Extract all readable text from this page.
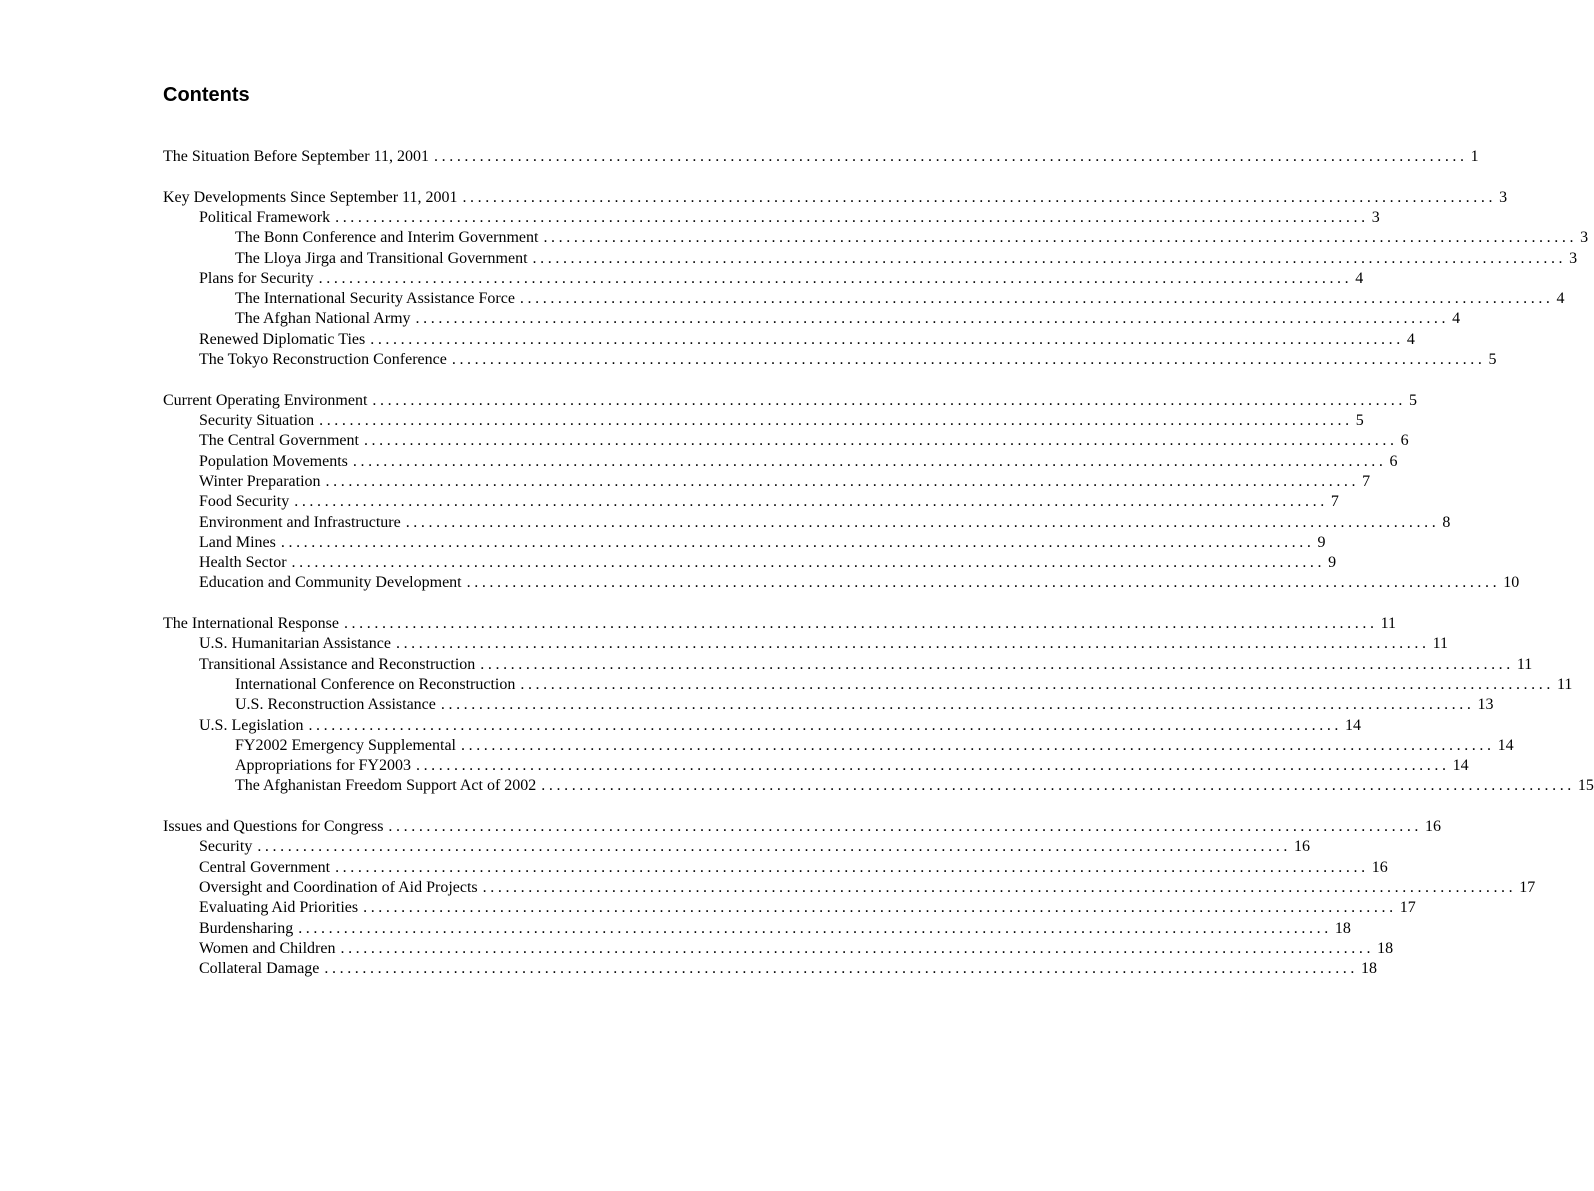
Contents
The Situation Before September 11, 2001 ........................................................................................................................................ 1
Key Developments Since September 11, 2001 ........................................................................................................................................ 3
Political Framework ........................................................................................................................................ 3
The Bonn Conference and Interim Government ........................................................................................................................................ 3
The Lloya Jirga and Transitional Government ........................................................................................................................................ 3
Plans for Security ........................................................................................................................................ 4
The International Security Assistance Force ........................................................................................................................................ 4
The Afghan National Army ........................................................................................................................................ 4
Renewed Diplomatic Ties ........................................................................................................................................ 4
The Tokyo Reconstruction Conference ........................................................................................................................................ 5
Current Operating Environment ........................................................................................................................................ 5
Security Situation ........................................................................................................................................ 5
The Central Government ........................................................................................................................................ 6
Population Movements ........................................................................................................................................ 6
Winter Preparation ........................................................................................................................................ 7
Food Security ........................................................................................................................................ 7
Environment and Infrastructure ........................................................................................................................................ 8
Land Mines ........................................................................................................................................ 9
Health Sector ........................................................................................................................................ 9
Education and Community Development ........................................................................................................................................ 10
The International Response ........................................................................................................................................ 11
U.S. Humanitarian Assistance ........................................................................................................................................ 11
Transitional Assistance and Reconstruction ........................................................................................................................................ 11
International Conference on Reconstruction ........................................................................................................................................ 11
U.S. Reconstruction Assistance ........................................................................................................................................ 13
U.S. Legislation ........................................................................................................................................ 14
FY2002 Emergency Supplemental ........................................................................................................................................ 14
Appropriations for FY2003 ........................................................................................................................................ 14
The Afghanistan Freedom Support Act of 2002 ........................................................................................................................................ 15
Issues and Questions for Congress ........................................................................................................................................ 16
Security ........................................................................................................................................ 16
Central Government ........................................................................................................................................ 16
Oversight and Coordination of Aid Projects ........................................................................................................................................ 17
Evaluating Aid Priorities ........................................................................................................................................ 17
Burdensharing ........................................................................................................................................ 18
Women and Children ........................................................................................................................................ 18
Collateral Damage ........................................................................................................................................ 18
